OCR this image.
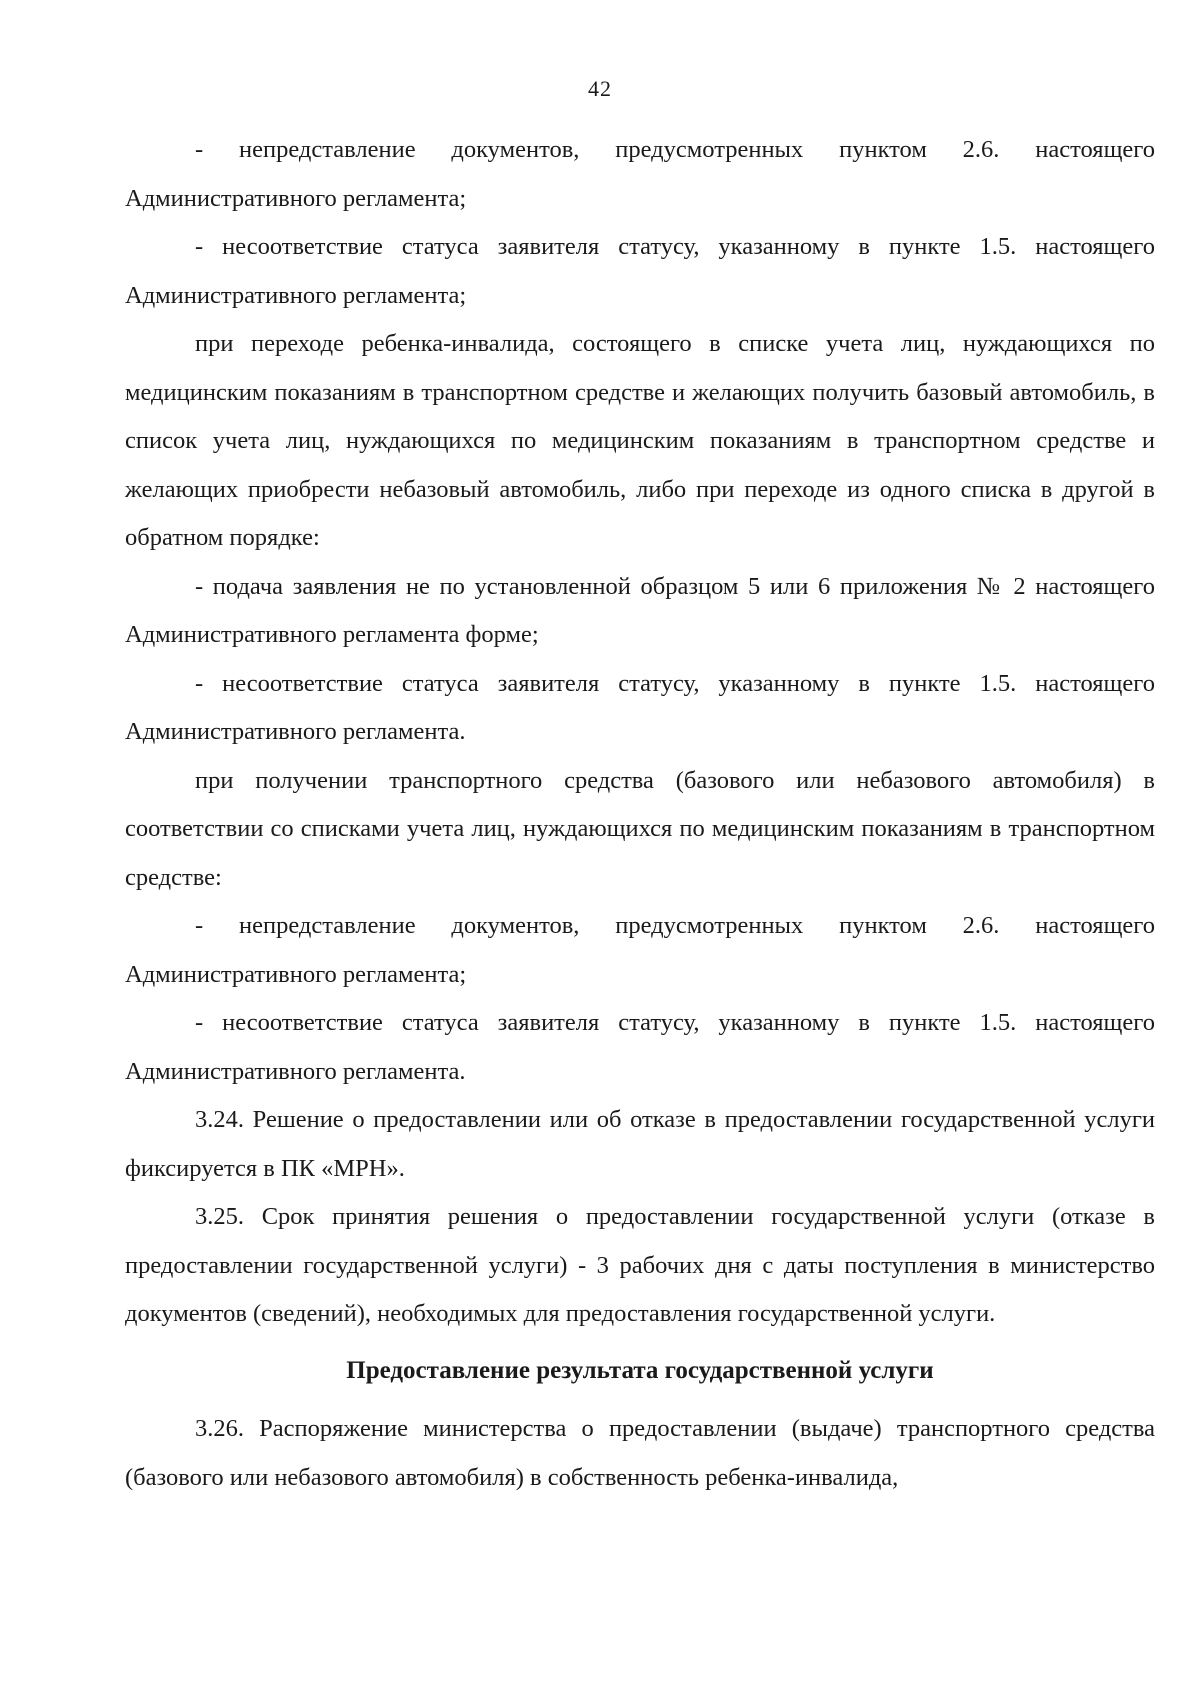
42

- непредставление документов, предусмотренных пунктом 2.6. настоящего Административного регламента;

- несоответствие статуса заявителя статусу, указанному в пункте 1.5. настоящего Административного регламента;

при переходе ребенка-инвалида, состоящего в списке учета лиц, нуждающихся по медицинским показаниям в транспортном средстве и желающих получить базовый автомобиль, в список учета лиц, нуждающихся по медицинским показаниям в транспортном средстве и желающих приобрести небазовый автомобиль, либо при переходе из одного списка в другой в обратном порядке:

- подача заявления не по установленной образцом 5 или 6 приложения № 2 настоящего Административного регламента форме;

- несоответствие статуса заявителя статусу, указанному в пункте 1.5. настоящего Административного регламента.

при получении транспортного средства (базового или небазового автомобиля) в соответствии со списками учета лиц, нуждающихся по медицинским показаниям в транспортном средстве:

- непредставление документов, предусмотренных пунктом 2.6. настоящего Административного регламента;

- несоответствие статуса заявителя статусу, указанному в пункте 1.5. настоящего Административного регламента.

3.24. Решение о предоставлении или об отказе в предоставлении государственной услуги фиксируется в ПК «МРН».

3.25. Срок принятия решения о предоставлении государственной услуги (отказе в предоставлении государственной услуги) - 3 рабочих дня с даты поступления в министерство документов (сведений), необходимых для предоставления государственной услуги.

Предоставление результата государственной услуги

3.26. Распоряжение министерства о предоставлении (выдаче) транспортного средства (базового или небазового автомобиля) в собственность ребенка-инвалида,
